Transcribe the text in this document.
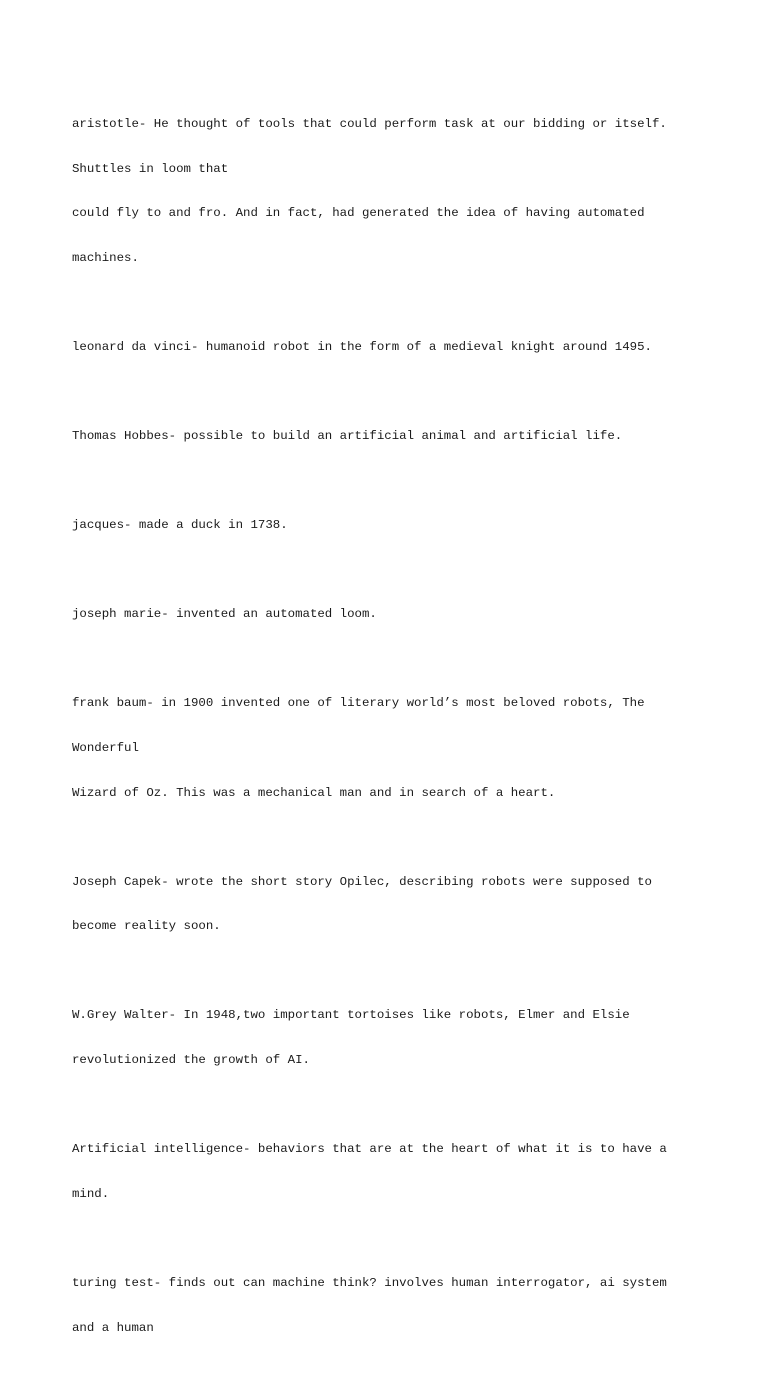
aristotle- He thought of tools that could perform task at our bidding or itself.

Shuttles in loom that

could fly to and fro. And in fact, had generated the idea of having automated

machines.

leonard da vinci- humanoid robot in the form of a medieval knight around 1495.

Thomas Hobbes- possible to build an artificial animal and artificial life.

jacques- made a duck in 1738.

joseph marie- invented an automated loom.

frank baum- in 1900 invented one of literary world’s most beloved robots, The

Wonderful

Wizard of Oz. This was a mechanical man and in search of a heart.

Joseph Capek- wrote the short story Opilec, describing robots were supposed to

become reality soon.

W.Grey Walter- In 1948,two important tortoises like robots, Elmer and Elsie

revolutionized the growth of AI.

Artificial intelligence- behaviors that are at the heart of what it is to have a

mind.

turing test- finds out can machine think? involves human interrogator, ai system

and a human
